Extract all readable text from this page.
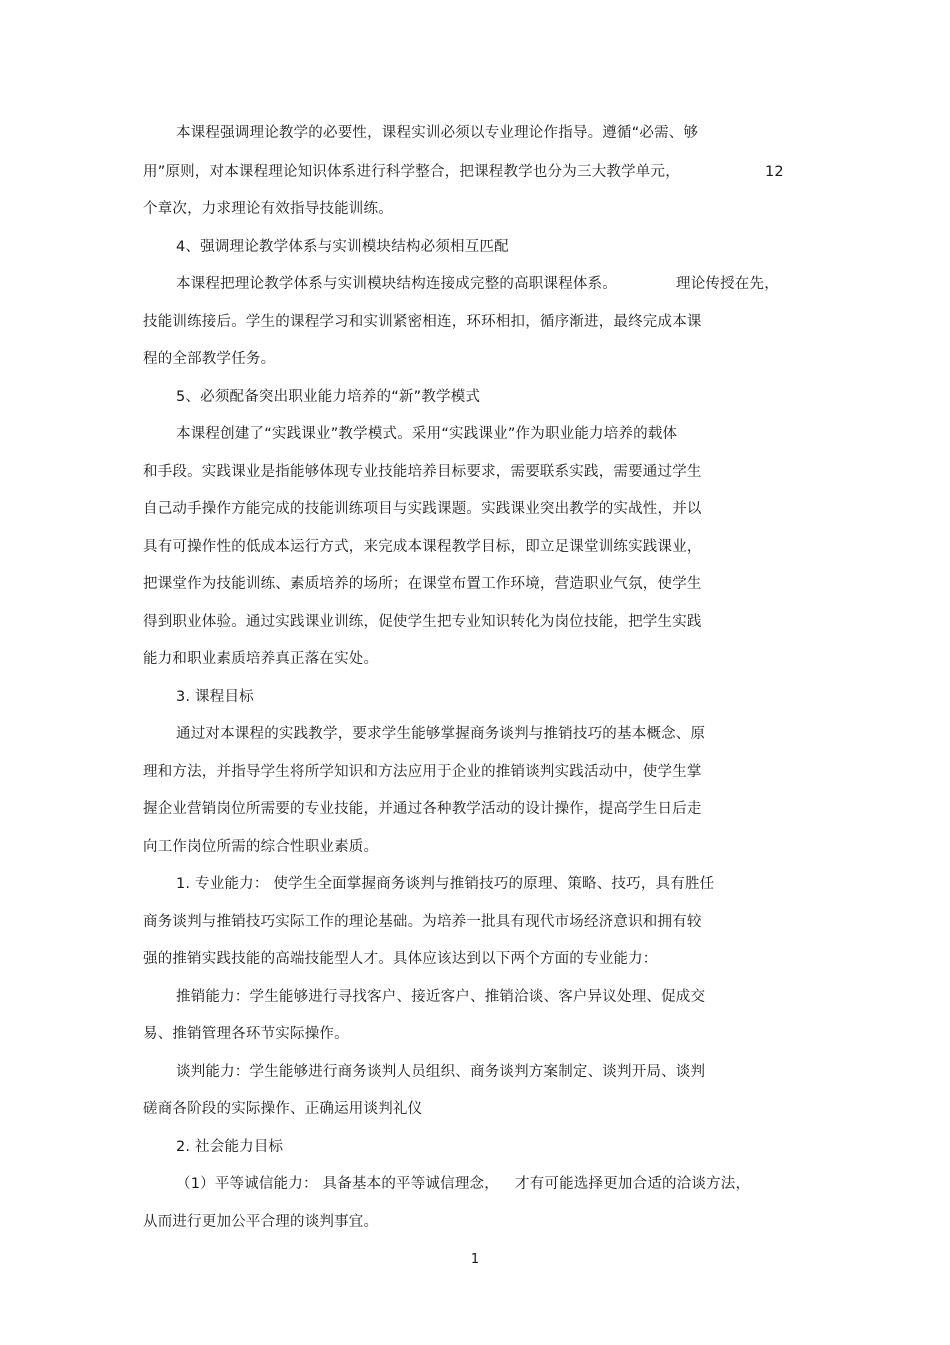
本课程强调理论教学的必要性，课程实训必须以专业理论作指导。遵循“必需、够
用”原则，对本课程理论知识体系进行科学整合，把课程教学也分为三大教学单元，	12
个章次，力求理论有效指导技能训练。
4、强调理论教学体系与实训模块结构必须相互匹配
本课程把理论教学体系与实训模块结构连接成完整的高职课程体系。	理论传授在先，
技能训练接后。学生的课程学习和实训紧密相连，环环相扣，循序渐进，最终完成本课
程的全部教学任务。
5、必须配备突出职业能力培养的“新”教学模式
本课程创建了“实践课业”教学模式。采用“实践课业”作为职业能力培养的载体
和手段。实践课业是指能够体现专业技能培养目标要求，需要联系实践，需要通过学生
自己动手操作方能完成的技能训练项目与实践课题。实践课业突出教学的实战性，并以
具有可操作性的低成本运行方式，来完成本课程教学目标，即立足课堂训练实践课业，
把课堂作为技能训练、素质培养的场所；在课堂布置工作环境，营造职业气氛，使学生
得到职业体验。通过实践课业训练，促使学生把专业知识转化为岗位技能，把学生实践
能力和职业素质培养真正落在实处。
3. 课程目标
通过对本课程的实践教学，要求学生能够掌握商务谈判与推销技巧的基本概念、原
理和方法，并指导学生将所学知识和方法应用于企业的推销谈判实践活动中，使学生掌
握企业营销岗位所需要的专业技能，并通过各种教学活动的设计操作，提高学生日后走
向工作岗位所需的综合性职业素质。
1. 专业能力： 使学生全面掌握商务谈判与推销技巧的原理、策略、技巧，具有胜任
商务谈判与推销技巧实际工作的理论基础。为培养一批具有现代市场经济意识和拥有较
强的推销实践技能的高端技能型人才。具体应该达到以下两个方面的专业能力：
推销能力：学生能够进行寻找客户、接近客户、推销洽谈、客户异议处理、促成交
易、推销管理各环节实际操作。
谈判能力：学生能够进行商务谈判人员组织、商务谈判方案制定、谈判开局、谈判
磋商各阶段的实际操作、正确运用谈判礼仪
2. 社会能力目标
（1）平等诚信能力： 具备基本的平等诚信理念， 才有可能选择更加合适的洽谈方法，
从而进行更加公平合理的谈判事宜。
1
